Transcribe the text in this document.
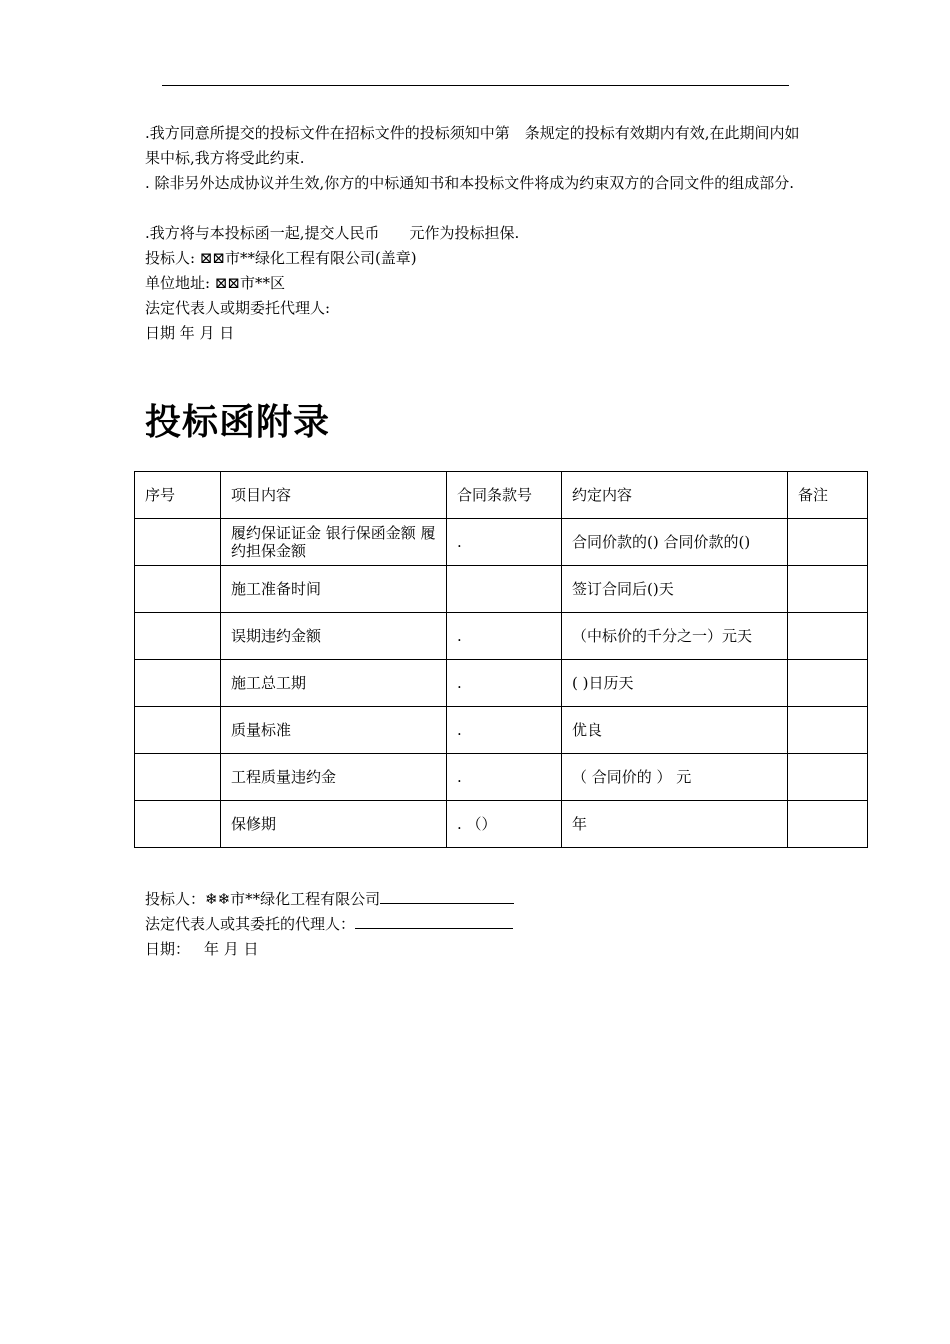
.我方同意所提交的投标文件在招标文件的投标须知中第　条规定的投标有效期内有效,在此期间内如果中标,我方将受此约束.

. 除非另外达成协议并生效,你方的中标通知书和本投标文件将成为约束双方的合同文件的组成部分.

.我方将与本投标函一起,提交人民币　　元作为投标担保.

投标人: ⊠⊠市**绿化工程有限公司(盖章)

单位地址: ⊠⊠市**区

法定代表人或期委托代理人:

日期 年 月 日

投标函附录
序号	项目内容	合同条款号	约定内容	备注
	履约保证证金 银行保函金额 履约担保金额	.	合同价款的() 合同价款的()	
	施工准备时间		签订合同后()天	
	误期违约金额	.	（中标价的千分之一）元天	
	施工总工期	.	( )日历天	
	质量标准	.	优良	
	工程质量违约金	.	（ 合同价的 ） 元	
	保修期	. （）	年	
投标人：❄❄市**绿化工程有限公司
法定代表人或其委托的代理人：
日期： 年 月 日
